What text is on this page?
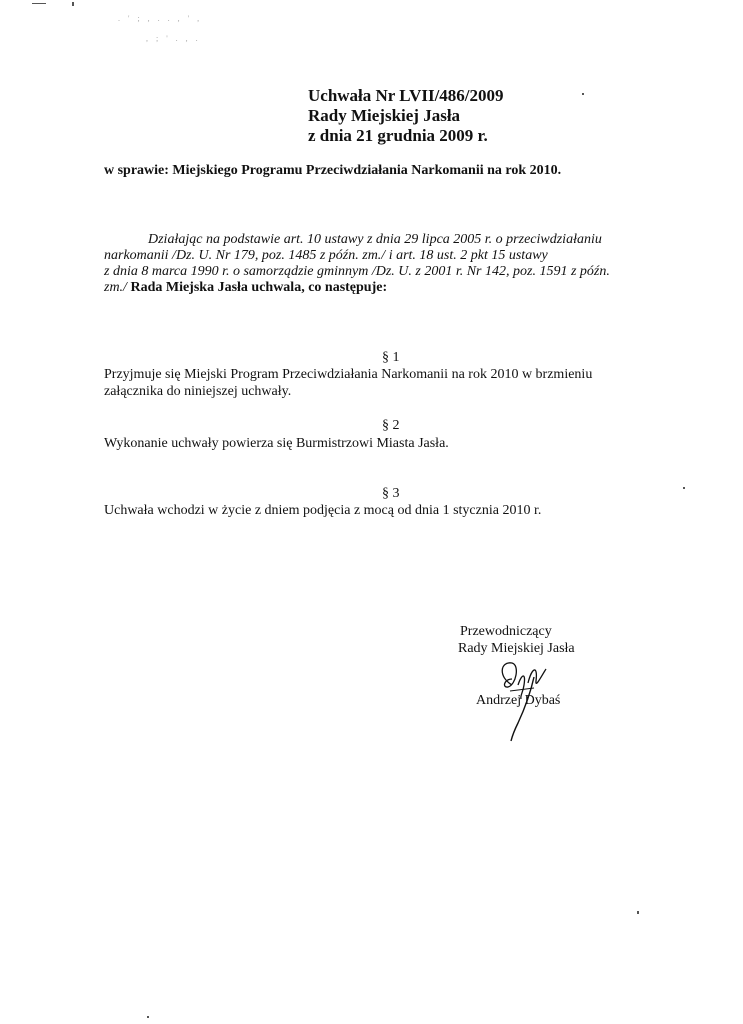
. ' ; , . . , ' ,
, ; ' . , .
Uchwała Nr LVII/486/2009
Rady Miejskiej Jasła
z dnia 21 grudnia 2009 r.
w sprawie: Miejskiego Programu Przeciwdziałania Narkomanii na rok 2010.
Działając na podstawie art. 10 ustawy z dnia 29 lipca 2005 r. o przeciwdziałaniu
narkomanii /Dz. U. Nr 179, poz. 1485 z późn. zm./ i art. 18 ust. 2 pkt 15 ustawy
z dnia 8 marca 1990 r. o samorządzie gminnym /Dz. U. z 2001 r. Nr 142, poz. 1591 z późn.
zm./ Rada Miejska Jasła uchwala, co następuje:
§ 1
Przyjmuje się Miejski Program Przeciwdziałania Narkomanii na rok 2010 w brzmieniu
załącznika do niniejszej uchwały.
§ 2
Wykonanie uchwały powierza się Burmistrzowi Miasta Jasła.
§ 3
Uchwała wchodzi w życie z dniem podjęcia z mocą od dnia 1 stycznia 2010 r.
Przewodniczący
Rady Miejskiej Jasła
Andrzej Dybaś
